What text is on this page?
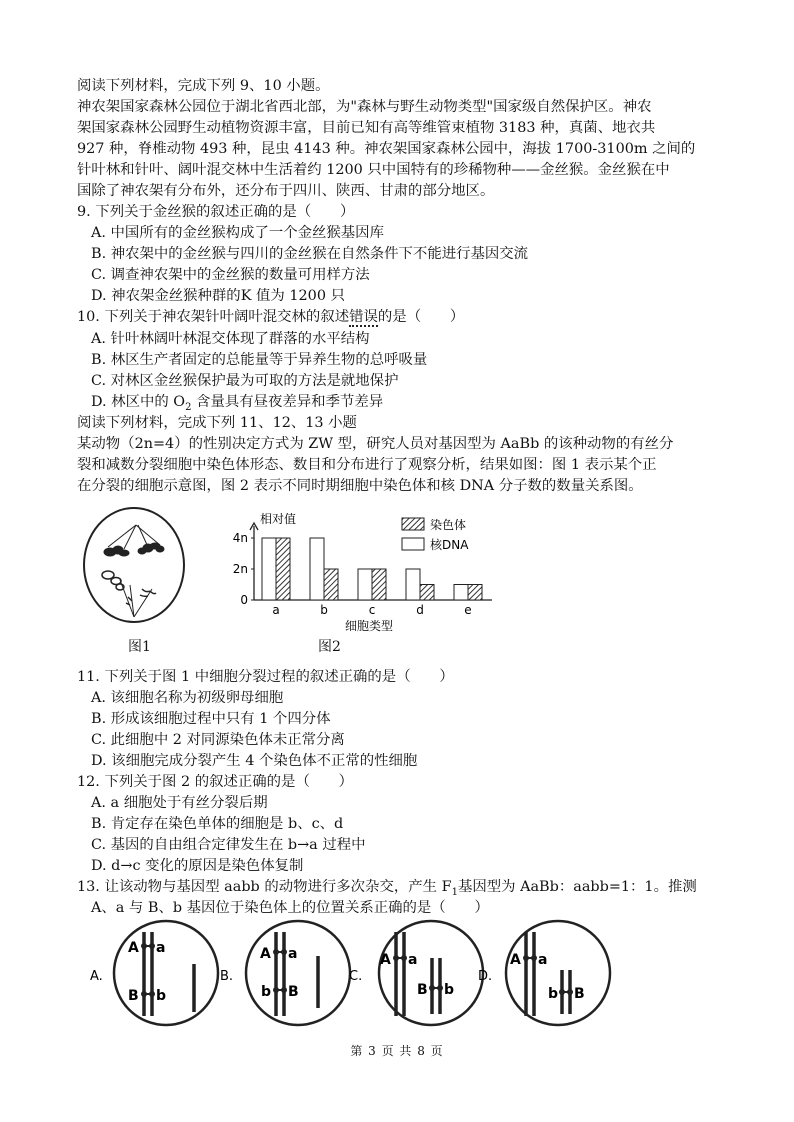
阅读下列材料，完成下列 9、10 小题。
神农架国家森林公园位于湖北省西北部，为"森林与野生动物类型"国家级自然保护区。神农
架国家森林公园野生动植物资源丰富，目前已知有高等维管束植物 3183 种，真菌、地衣共
927 种，脊椎动物 493 种，昆虫 4143 种。神农架国家森林公园中，海拔 1700-3100m 之间的
针叶林和针叶、阔叶混交林中生活着约 1200 只中国特有的珍稀物种——金丝猴。金丝猴在中
国除了神农架有分布外，还分布于四川、陕西、甘肃的部分地区。
9. 下列关于金丝猴的叙述正确的是（　　）
A. 中国所有的金丝猴构成了一个金丝猴基因库
B. 神农架中的金丝猴与四川的金丝猴在自然条件下不能进行基因交流
C. 调查神农架中的金丝猴的数量可用样方法
D. 神农架金丝猴种群的K 值为 1200 只
10. 下列关于神农架针叶阔叶混交林的叙述错误的是（　　）
A. 针叶林阔叶林混交体现了群落的水平结构
B. 林区生产者固定的总能量等于异养生物的总呼吸量
C. 对林区金丝猴保护最为可取的方法是就地保护
D. 林区中的 $O_2$ 含量具有昼夜差异和季节差异
阅读下列材料，完成下列 11、12、13 小题
某动物（2n=4）的性别决定方式为 ZW 型，研究人员对基因型为 AaBb 的该种动物的有丝分
裂和减数分裂细胞中染色体形态、数目和分布进行了观察分析，结果如图：图 1 表示某个正
在分裂的细胞示意图，图 2 表示不同时期细胞中染色体和核 DNA 分子数的数量关系图。
图1
0
2n
4n
a	b	c	d	e
相对值	染色体
核DNA
细胞类型
图2
11. 下列关于图 1 中细胞分裂过程的叙述正确的是（　　）
A. 该细胞名称为初级卵母细胞
B. 形成该细胞过程中只有 1 个四分体
C. 此细胞中 2 对同源染色体未正常分离
D. 该细胞完成分裂产生 4 个染色体不正常的性细胞
12. 下列关于图 2 的叙述正确的是（　　）
A. a 细胞处于有丝分裂后期
B. 肯定存在染色单体的细胞是 b、c、d
C. 基因的自由组合定律发生在 b→a 过程中
D. d→c 变化的原因是染色体复制
13. 让该动物与基因型 aabb 的动物进行多次杂交，产生 $F_1$基因型为 AaBb：aabb=1：1。推测
A、a 与 B、b 基因位于染色体上的位置关系正确的是（　　）
A.
A a
B b
B.
A a
b B
C.
A a
B b
D.
A a
b B
第 3 页 共 8 页
